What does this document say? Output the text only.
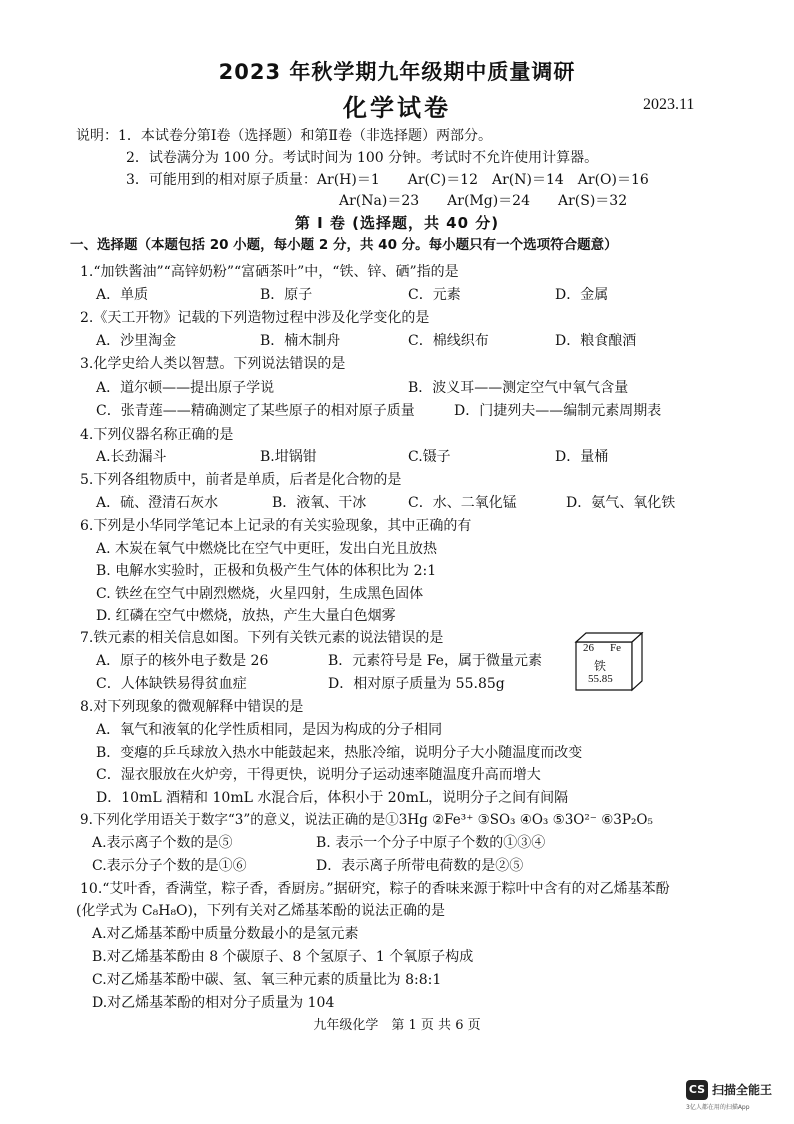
2023 年秋学期九年级期中质量调研
化学试卷	2023.11
说明： 1．本试卷分第Ⅰ卷（选择题）和第Ⅱ卷（非选择题）两部分。
2．试卷满分为 100 分。考试时间为 100 分钟。考试时不允许使用计算器。
3．可能用到的相对原子质量：Ar(H)＝1　　Ar(C)＝12　Ar(N)＝14　Ar(O)＝16
Ar(Na)＝23　　Ar(Mg)＝24　　Ar(S)＝32
第 Ⅰ 卷 (选择题，共 40 分)
一、选择题（本题包括 20 小题，每小题 2 分，共 40 分。每小题只有一个选项符合题意）
1.“加铁酱油”“高锌奶粉”“富硒茶叶”中，“铁、锌、硒”指的是
A．单质	B．原子	C．元素	D．金属
2.《天工开物》记载的下列造物过程中涉及化学变化的是
A．沙里淘金	B．楠木制舟	C．棉线织布	D．粮食酿酒
3.化学史给人类以智慧。下列说法错误的是
A．道尔顿——提出原子学说	B．波义耳——测定空气中氧气含量
C．张青莲——精确测定了某些原子的相对原子质量	D．门捷列夫——编制元素周期表
4.下列仪器名称正确的是
A.长劲漏斗	B.坩锅钳	C.镊子	D．量桶
5.下列各组物质中，前者是单质，后者是化合物的是
A．硫、澄清石灰水	B．液氧、干冰	C．水、二氧化锰	D．氨气、氧化铁
6.下列是小华同学笔记本上记录的有关实验现象，其中正确的有
A. 木炭在氧气中燃烧比在空气中更旺，发出白光且放热
B. 电解水实验时，正极和负极产生气体的体积比为 2:1
C. 铁丝在空气中剧烈燃烧，火星四射，生成黑色固体
D. 红磷在空气中燃烧，放热，产生大量白色烟雾
7.铁元素的相关信息如图。下列有关铁元素的说法错误的是
A．原子的核外电子数是 26	B．元素符号是 Fe，属于微量元素
C．人体缺铁易得贫血症	D．相对原子质量为 55.85g
26 Fe
铁
55.85
8.对下列现象的微观解释中错误的是
A．氧气和液氧的化学性质相同，是因为构成的分子相同
B．变瘪的乒乓球放入热水中能鼓起来，热胀冷缩，说明分子大小随温度而改变
C．湿衣服放在火炉旁，干得更快，说明分子运动速率随温度升高而增大
D．10mL 酒精和 10mL 水混合后，体积小于 20mL，说明分子之间有间隔
9.下列化学用语关于数字“3”的意义，说法正确的是①3Hg ②Fe³⁺ ③SO₃ ④O₃ ⑤3O²⁻ ⑥3P₂O₅
A.表示离子个数的是⑤	B. 表示一个分子中原子个数的①③④
C.表示分子个数的是①⑥	D．表示离子所带电荷数的是②⑤
10.“艾叶香，香满堂，粽子香，香厨房。”据研究，粽子的香味来源于粽叶中含有的对乙烯基苯酚
(化学式为 C₈H₈O)，下列有关对乙烯基苯酚的说法正确的是
A.对乙烯基苯酚中质量分数最小的是氢元素
B.对乙烯基苯酚由 8 个碳原子、8 个氢原子、1 个氧原子构成
C.对乙烯基苯酚中碳、氢、氧三种元素的质量比为 8:8:1
D.对乙烯基苯酚的相对分子质量为 104
九年级化学　第 1 页 共 6 页
CS 扫描全能王
3亿人都在用的扫描App
